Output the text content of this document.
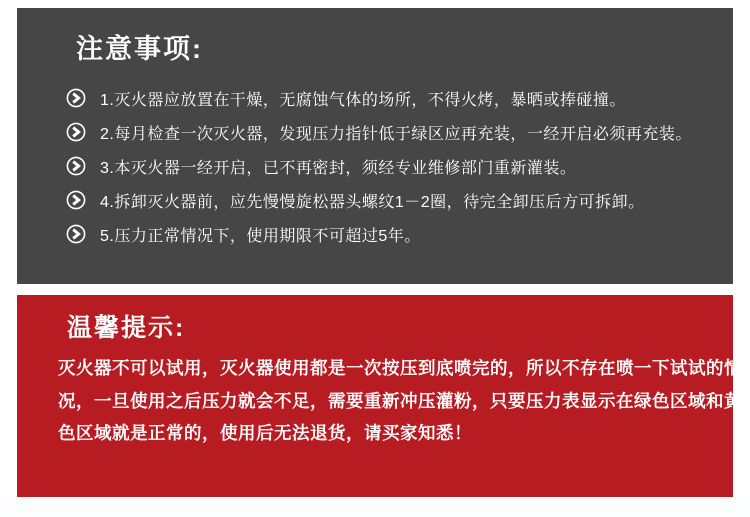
注意事项:
1.灭火器应放置在干燥，无腐蚀气体的场所，不得火烤，暴晒或捧碰撞。
2.每月检查一次灭火器，发现压力指针低于绿区应再充装，一经开启必须再充装。
3.本灭火器一经开启，已不再密封，须经专业维修部门重新灌装。
4.拆卸灭火器前，应先慢慢旋松器头螺纹1－2圈，待完全卸压后方可拆卸。
5.压力正常情况下，使用期限不可超过5年。
温馨提示:
灭火器不可以试用，灭火器使用都是一次按压到底喷完的，所以不存在喷一下试试的情
况，一旦使用之后压力就会不足，需要重新冲压灌粉，只要压力表显示在绿色区域和黄
色区域就是正常的，使用后无法退货，请买家知悉！
